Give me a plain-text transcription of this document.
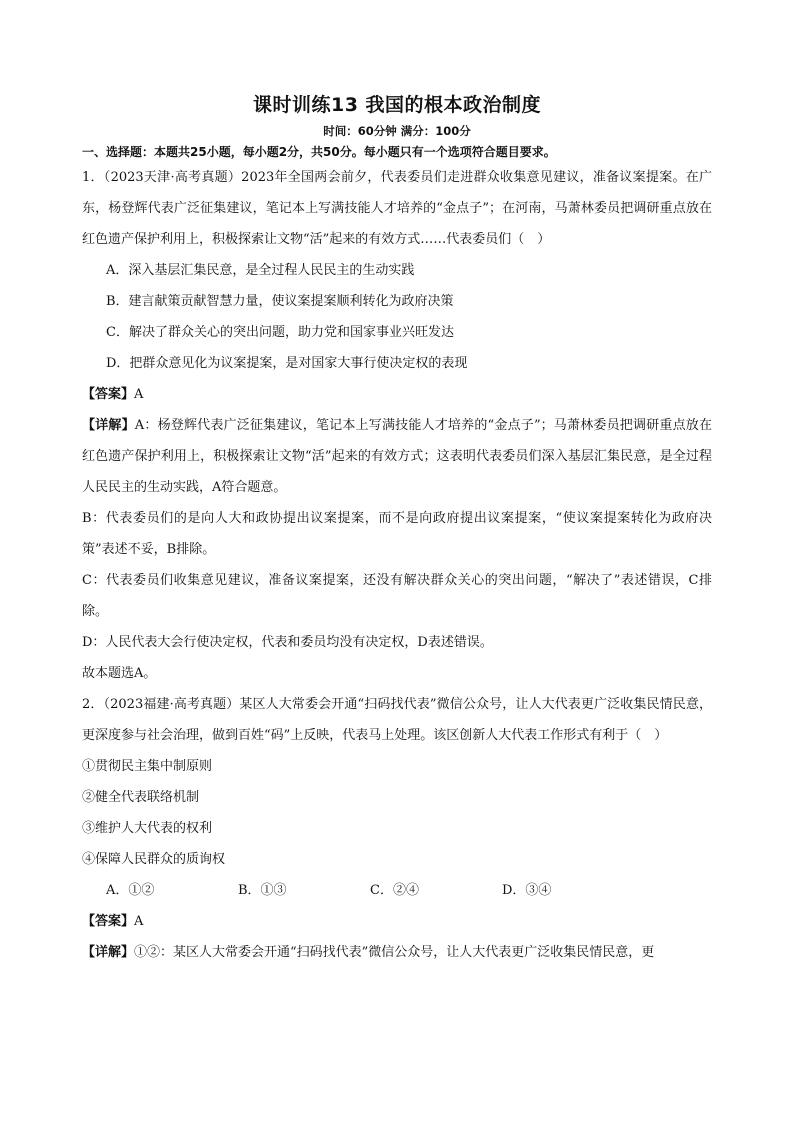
课时训练13 我国的根本政治制度

时间：60分钟 满分：100分

一、选择题：本题共25小题，每小题2分，共50分。每小题只有一个选项符合题目要求。

1．（2023天津·高考真题）2023年全国两会前夕，代表委员们走进群众收集意见建议，准备议案提案。在广东，杨登辉代表广泛征集建议，笔记本上写满技能人才培养的“金点子”；在河南，马萧林委员把调研重点放在红色遗产保护利用上，积极探索让文物“活”起来的有效方式……代表委员们（　）

A．深入基层汇集民意，是全过程人民民主的生动实践

B．建言献策贡献智慧力量，使议案提案顺利转化为政府决策

C．解决了群众关心的突出问题，助力党和国家事业兴旺发达

D．把群众意见化为议案提案，是对国家大事行使决定权的表现

【答案】A

【详解】A：杨登辉代表广泛征集建议，笔记本上写满技能人才培养的“金点子”；马萧林委员把调研重点放在红色遗产保护利用上，积极探索让文物“活”起来的有效方式；这表明代表委员们深入基层汇集民意，是全过程人民民主的生动实践，A符合题意。

B：代表委员们的是向人大和政协提出议案提案，而不是向政府提出议案提案，“使议案提案转化为政府决策”表述不妥，B排除。

C：代表委员们收集意见建议，准备议案提案，还没有解决群众关心的突出问题，“解决了”表述错误，C排除。

D：人民代表大会行使决定权，代表和委员均没有决定权，D表述错误。

故本题选A。

2．（2023福建·高考真题）某区人大常委会开通“扫码找代表”微信公众号，让人大代表更广泛收集民情民意，更深度参与社会治理，做到百姓“码”上反映，代表马上处理。该区创新人大代表工作形式有利于（　）

①贯彻民主集中制原则

②健全代表联络机制

③维护人大代表的权利

④保障人民群众的质询权

A．①②	B．①③	C．②④	D．③④

【答案】A

【详解】①②：某区人大常委会开通“扫码找代表”微信公众号，让人大代表更广泛收集民情民意，更
